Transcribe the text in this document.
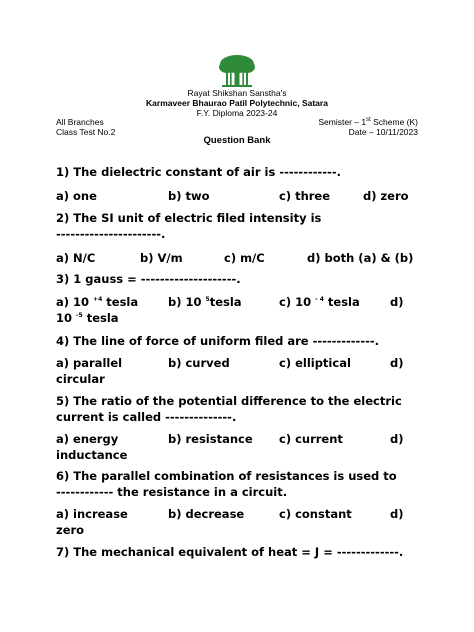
Rayat Shikshan Sanstha's
Karmaveer Bhaurao Patil Polytechnic, Satara
F.Y. Diploma 2023-24
All Branches
Class Test No.2
Semister – 1st Scheme (K)
Date – 10/11/2023
Question Bank
1) The dielectric constant of air is ------------.
a) one	b) two	c) three	d) zero
2) The SI unit of electric filed intensity is
----------------------.
a) N/C	b) V/m	c) m/C	d) both (a) & (b)
3) 1 gauss = --------------------.
a) 10 $^{+4}$ tesla	b) 10 $^5$tesla	c) 10 $^{- 4}$ tesla	d)
10 $^{-5}$ tesla
4) The line of force of uniform filed are -------------.
a) parallel	b) curved	c) elliptical	d)
circular
5) The ratio of the potential difference to the electric
current is called --------------.
a) energy	b) resistance c) current	d)
inductance
6) The parallel combination of resistances is used to
------------ the resistance in a circuit.
a) increase	b) decrease	c) constant	d)
zero
7) The mechanical equivalent of heat = J = -------------.
